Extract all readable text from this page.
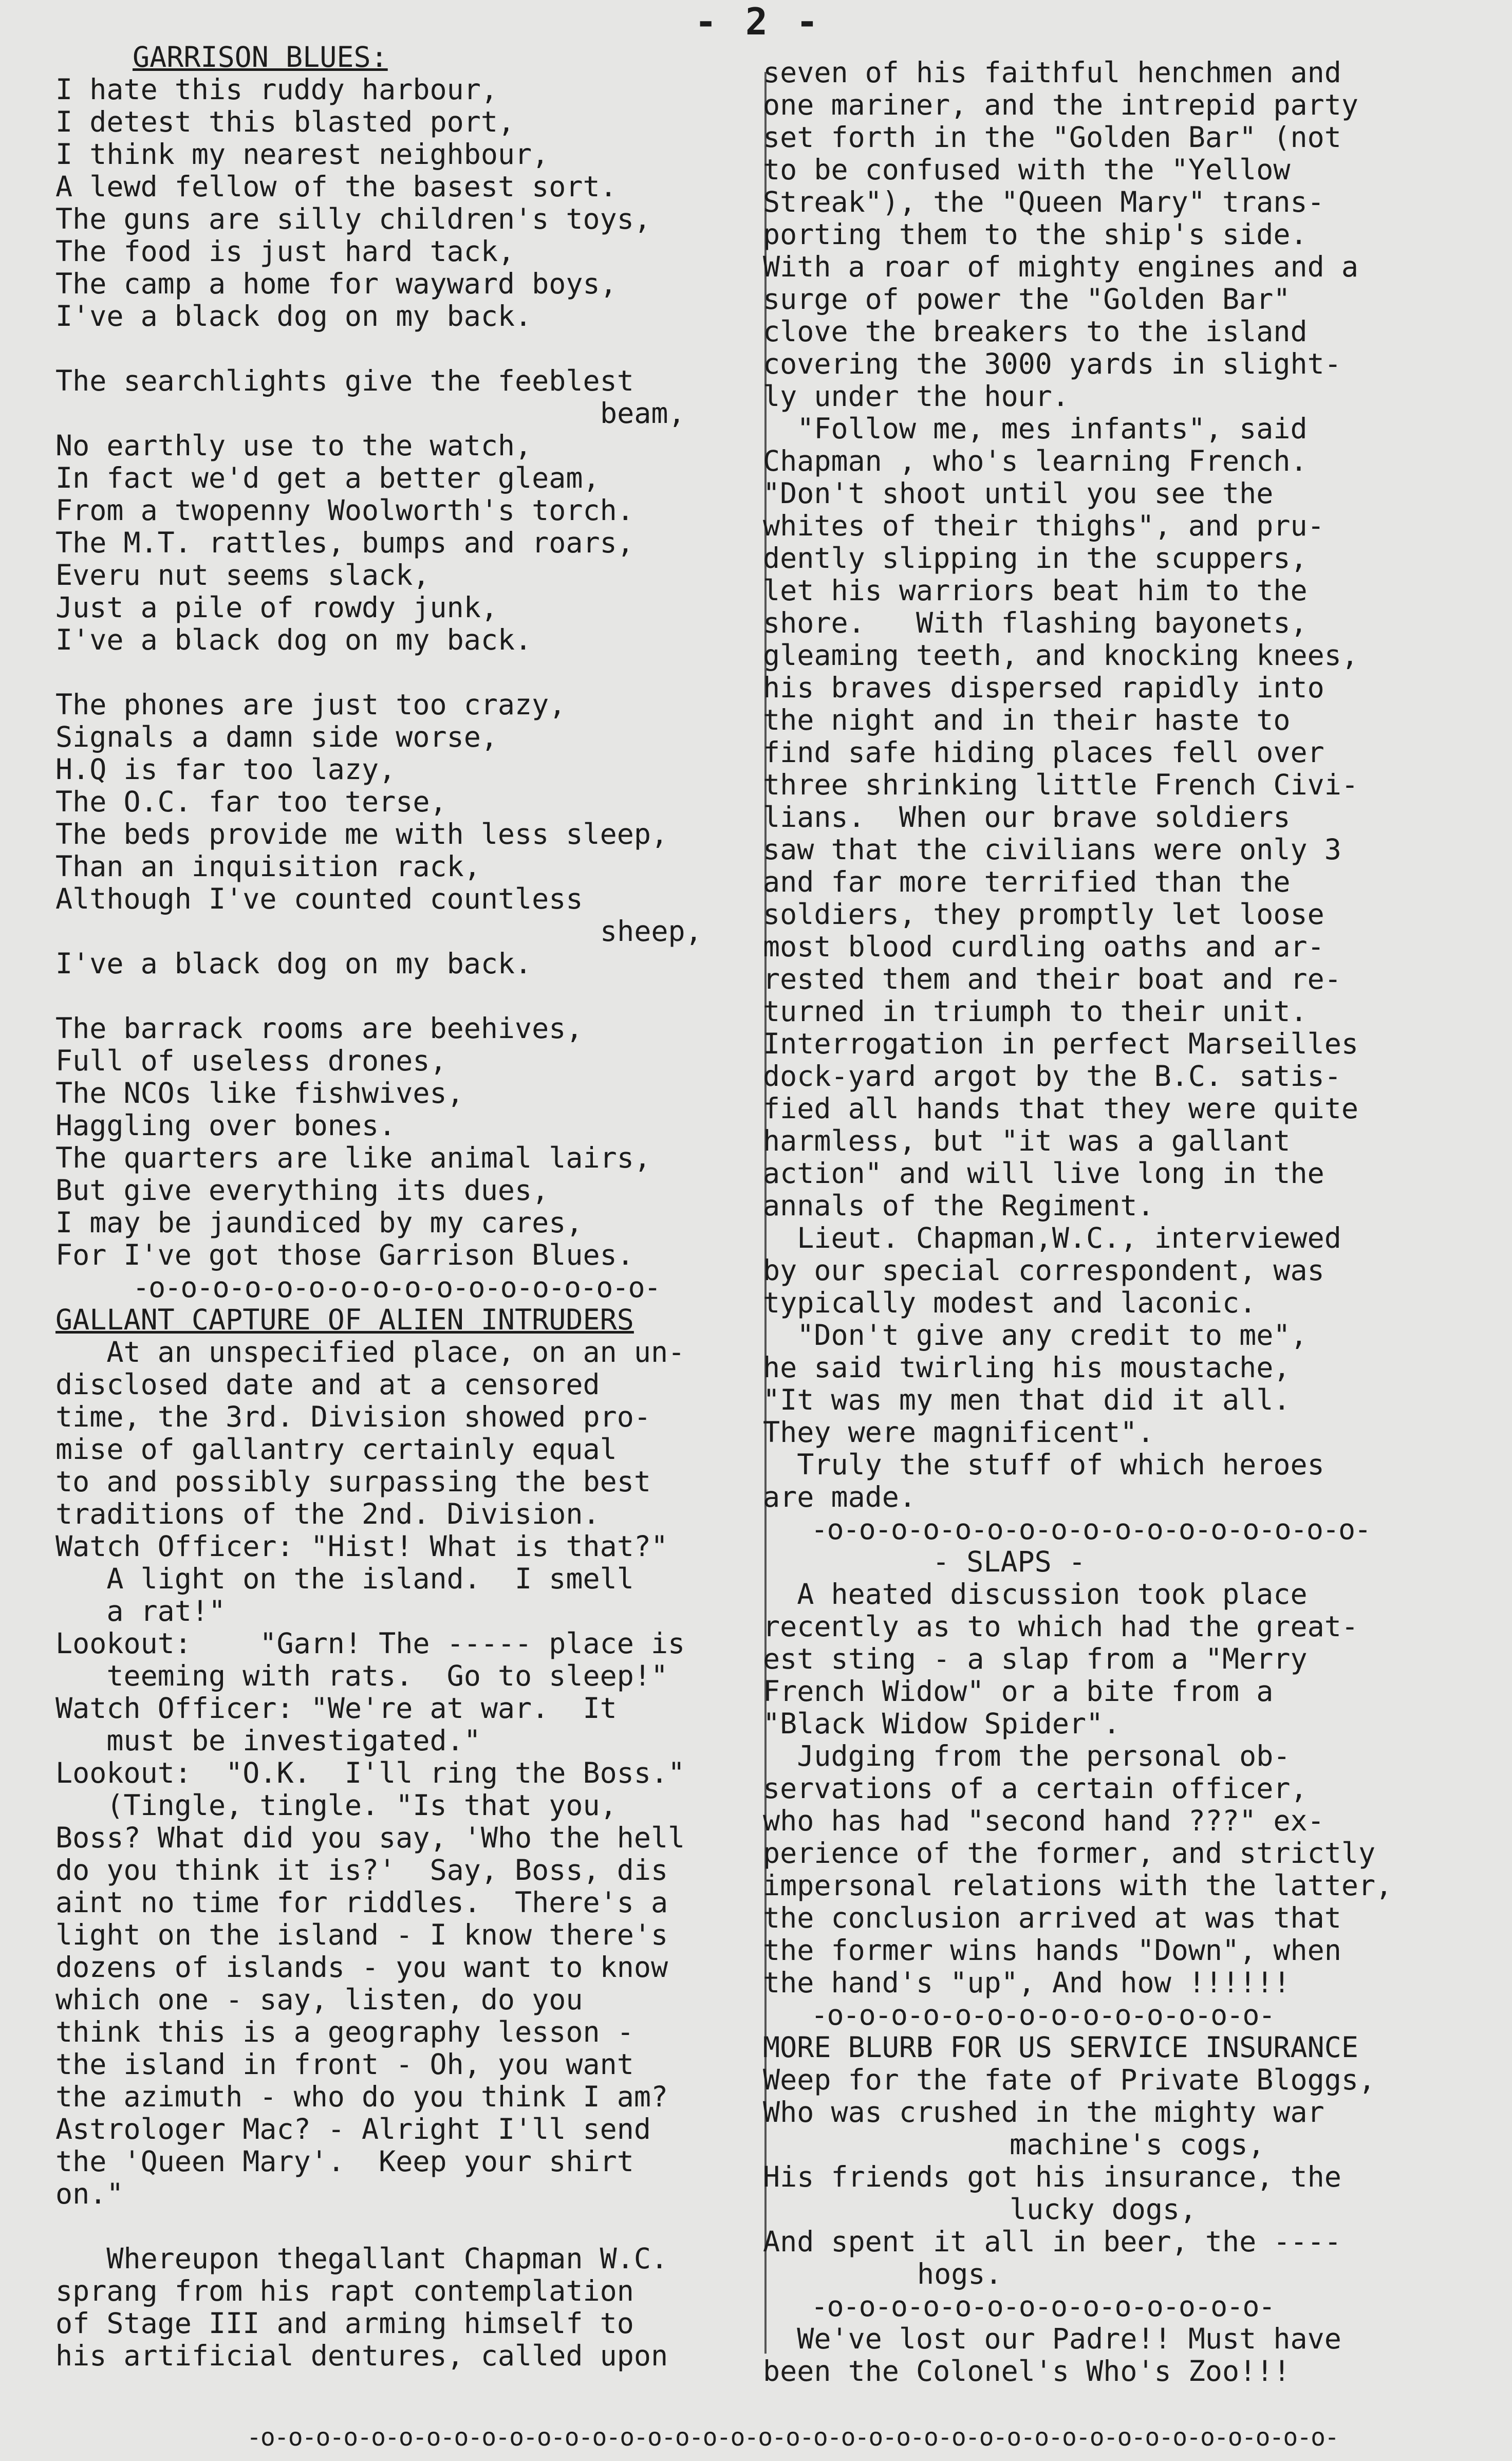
- 2 -
GARRISON BLUES:
I hate this ruddy harbour,
I detest this blasted port,
I think my nearest neighbour,
A lewd fellow of the basest sort.
The guns are silly children's toys,
The food is just hard tack,
The camp a home for wayward boys,
I've a black dog on my back.

The searchlights give the feeblest
beam,
No earthly use to the watch,
In fact we'd get a better gleam,
From a twopenny Woolworth's torch.
The M.T. rattles, bumps and roars,
Everu nut seems slack,
Just a pile of rowdy junk,
I've a black dog on my back.

The phones are just too crazy,
Signals a damn side worse,
H.Q is far too lazy,
The O.C. far too terse,
The beds provide me with less sleep,
Than an inquisition rack,
Although I've counted countless
sheep,
I've a black dog on my back.

The barrack rooms are beehives,
Full of useless drones,
The NCOs like fishwives,
Haggling over bones.
The quarters are like animal lairs,
But give everything its dues,
I may be jaundiced by my cares,
For I've got those Garrison Blues.
-o-o-o-o-o-o-o-o-o-o-o-o-o-o-o-o-
GALLANT CAPTURE OF ALIEN INTRUDERS
At an unspecified place, on an un-
disclosed date and at a censored
time, the 3rd. Division showed pro-
mise of gallantry certainly equal
to and possibly surpassing the best
traditions of the 2nd. Division.
Watch Officer: "Hist! What is that?"
A light on the island.  I smell
a rat!"
Lookout:    "Garn! The ----- place is
teeming with rats.  Go to sleep!"
Watch Officer: "We're at war.  It
must be investigated."
Lookout:  "O.K.  I'll ring the Boss."
(Tingle, tingle. "Is that you,
Boss? What did you say, 'Who the hell
do you think it is?'  Say, Boss, dis
aint no time for riddles.  There's a
light on the island - I know there's
dozens of islands - you want to know
which one - say, listen, do you
think this is a geography lesson -
the island in front - Oh, you want
the azimuth - who do you think I am?
Astrologer Mac? - Alright I'll send
the 'Queen Mary'.  Keep your shirt
on."

Whereupon thegallant Chapman W.C.
sprang from his rapt contemplation
of Stage III and arming himself to
his artificial dentures, called upon
seven of his faithful henchmen and
one mariner, and the intrepid party
set forth in the "Golden Bar" (not
to be confused with the "Yellow
Streak"), the "Queen Mary" trans-
porting them to the ship's side.
With a roar of mighty engines and a
surge of power the "Golden Bar"
clove the breakers to the island
covering the 3000 yards in slight-
ly under the hour.
"Follow me, mes infants", said
Chapman , who's learning French.
"Don't shoot until you see the
whites of their thighs", and pru-
dently slipping in the scuppers,
let his warriors beat him to the
shore.   With flashing bayonets,
gleaming teeth, and knocking knees,
his braves dispersed rapidly into
the night and in their haste to
find safe hiding places fell over
three shrinking little French Civi-
lians.  When our brave soldiers
saw that the civilians were only 3
and far more terrified than the
soldiers, they promptly let loose
most blood curdling oaths and ar-
rested them and their boat and re-
turned in triumph to their unit.
Interrogation in perfect Marseilles
dock-yard argot by the B.C. satis-
fied all hands that they were quite
harmless, but "it was a gallant
action" and will live long in the
annals of the Regiment.
Lieut. Chapman,W.C., interviewed
by our special correspondent, was
typically modest and laconic.
"Don't give any credit to me",
he said twirling his moustache,
"It was my men that did it all.
They were magnificent".
Truly the stuff of which heroes
are made.
-o-o-o-o-o-o-o-o-o-o-o-o-o-o-o-o-o-
- SLAPS -
A heated discussion took place
recently as to which had the great-
est sting - a slap from a "Merry
French Widow" or a bite from a
"Black Widow Spider".
Judging from the personal ob-
servations of a certain officer,
who has had "second hand ???" ex-
perience of the former, and strictly
impersonal relations with the latter,
the conclusion arrived at was that
the former wins hands "Down", when
the hand's "up", And how !!!!!!
-o-o-o-o-o-o-o-o-o-o-o-o-o-o-
MORE BLURB FOR US SERVICE INSURANCE
Weep for the fate of Private Bloggs,
Who was crushed in the mighty war
machine's cogs,
His friends got his insurance, the
lucky dogs,
And spent it all in beer, the ----
hogs.
-o-o-o-o-o-o-o-o-o-o-o-o-o-o-
We've lost our Padre!! Must have
been the Colonel's Who's Zoo!!!
-o-o-o-o-o-o-o-o-o-o-o-o-o-o-o-o-o-o-o-o-o-o-o-o-o-o-o-o-o-o-o-o-o-o-o-o-o-o-o-
